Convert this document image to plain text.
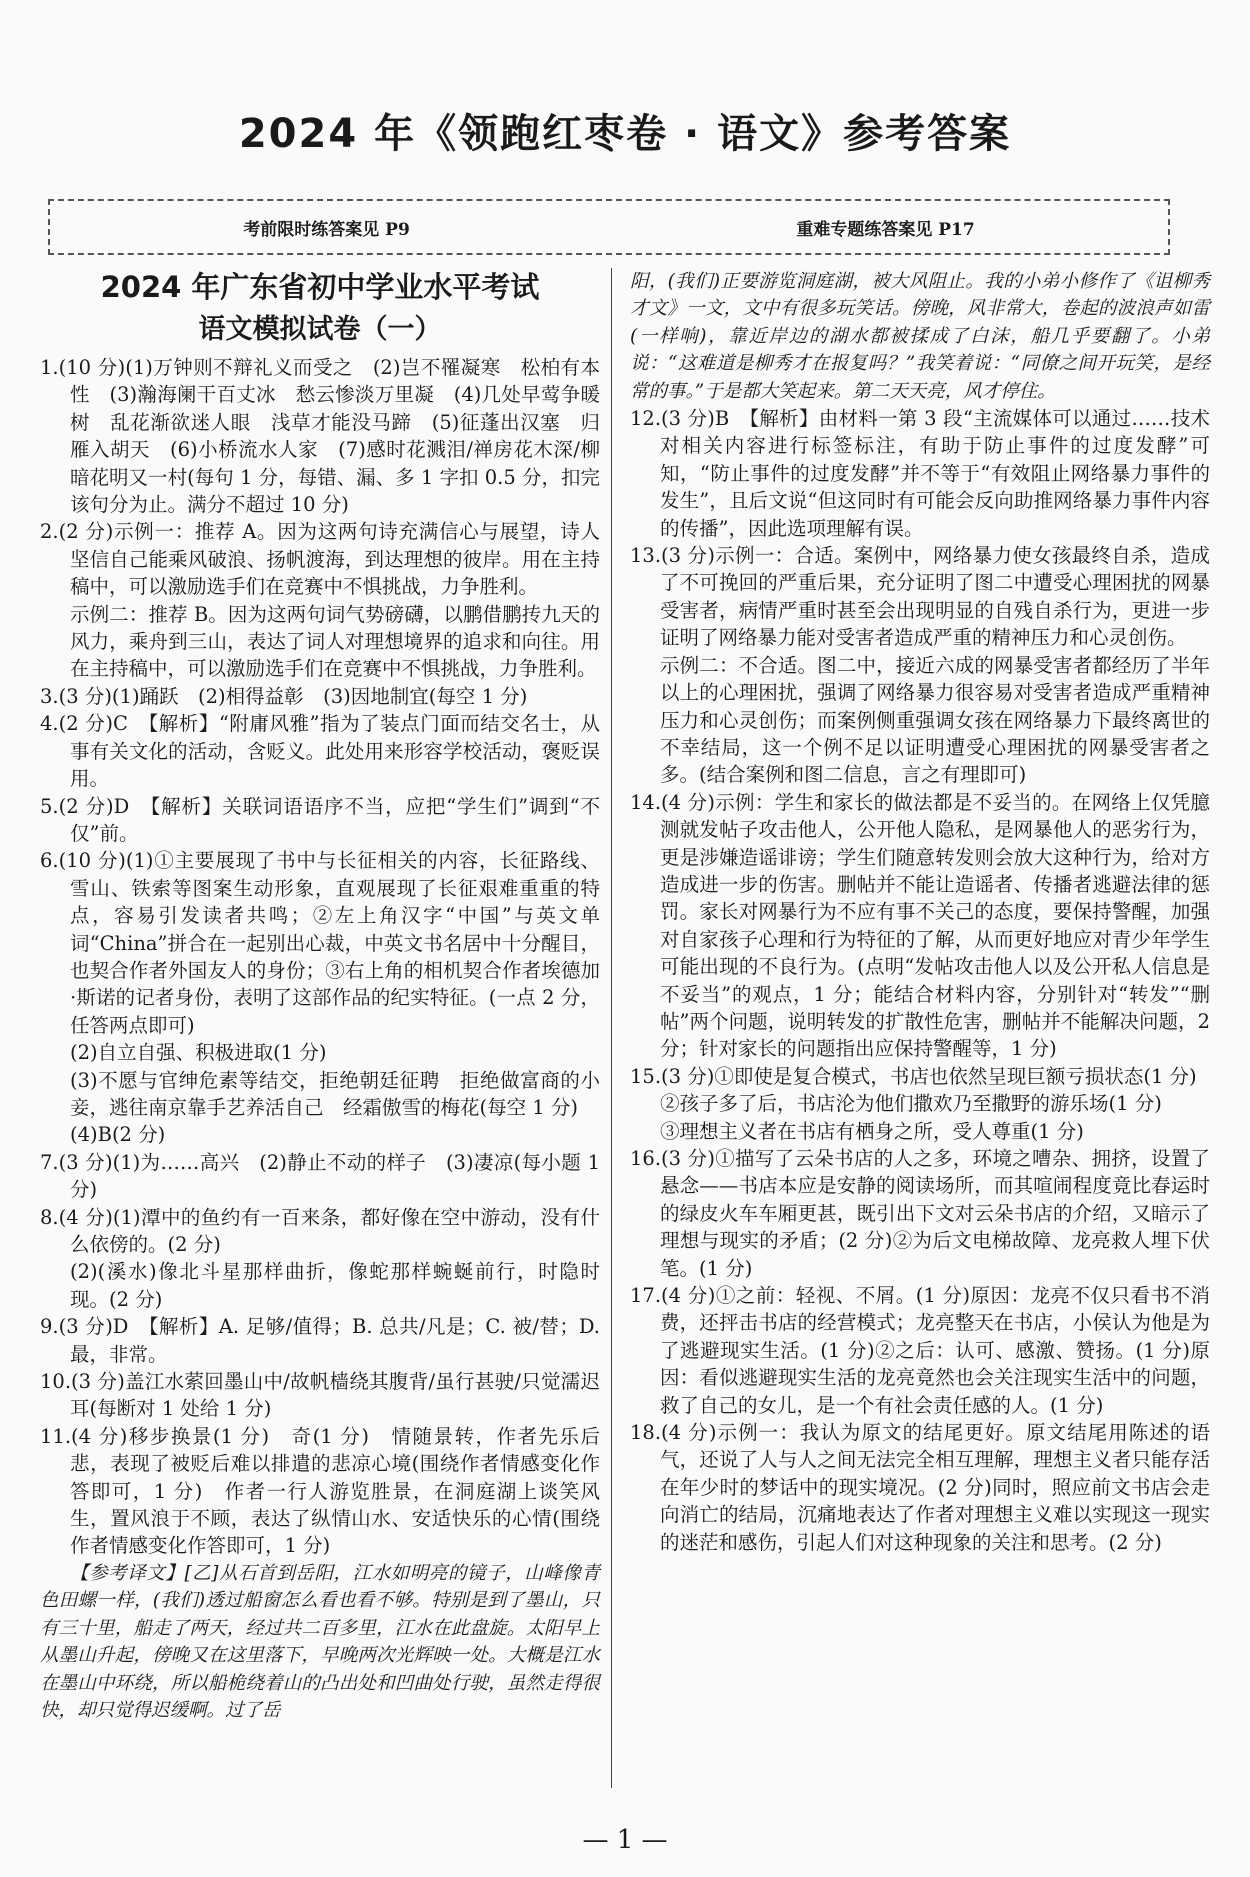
2024 年《领跑红枣卷 · 语文》参考答案
考前限时练答案见 P9	重难专题练答案见 P17
2024 年广东省初中学业水平考试
语文模拟试卷（一）

1.(10 分)(1)万钟则不辩礼义而受之　(2)岂不罹凝寒　松柏有本性　(3)瀚海阑干百丈冰　愁云惨淡万里凝　(4)几处早莺争暖树　乱花渐欲迷人眼　浅草才能没马蹄　(5)征蓬出汉塞　归雁入胡天　(6)小桥流水人家　(7)感时花溅泪/禅房花木深/柳暗花明又一村(每句 1 分，每错、漏、多 1 字扣 0.5 分，扣完该句分为止。满分不超过 10 分)

2.(2 分)示例一：推荐 A。因为这两句诗充满信心与展望，诗人坚信自己能乘风破浪、扬帆渡海，到达理想的彼岸。用在主持稿中，可以激励选手们在竞赛中不惧挑战，力争胜利。

示例二：推荐 B。因为这两句词气势磅礴，以鹏借鹏抟九天的风力，乘舟到三山，表达了词人对理想境界的追求和向往。用在主持稿中，可以激励选手们在竞赛中不惧挑战，力争胜利。

3.(3 分)(1)踊跃　(2)相得益彰　(3)因地制宜(每空 1 分)

4.(2 分)C　【解析】“附庸风雅”指为了装点门面而结交名士，从事有关文化的活动，含贬义。此处用来形容学校活动，褒贬误用。

5.(2 分)D　【解析】关联词语语序不当，应把“学生们”调到“不仅”前。

6.(10 分)(1)①主要展现了书中与长征相关的内容，长征路线、雪山、铁索等图案生动形象，直观展现了长征艰难重重的特点，容易引发读者共鸣；②左上角汉字“中国”与英文单词“China”拼合在一起别出心裁，中英文书名居中十分醒目，也契合作者外国友人的身份；③右上角的相机契合作者埃德加·斯诺的记者身份，表明了这部作品的纪实特征。(一点 2 分，任答两点即可)

(2)自立自强、积极进取(1 分)

(3)不愿与官绅危素等结交，拒绝朝廷征聘　拒绝做富商的小妾，逃往南京靠手艺养活自己　经霜傲雪的梅花(每空 1 分)

(4)B(2 分)

7.(3 分)(1)为……高兴　(2)静止不动的样子　(3)凄凉(每小题 1 分)

8.(4 分)(1)潭中的鱼约有一百来条，都好像在空中游动，没有什么依傍的。(2 分)

(2)(溪水)像北斗星那样曲折，像蛇那样蜿蜒前行，时隐时现。(2 分)

9.(3 分)D　【解析】A. 足够/值得；B. 总共/凡是；C. 被/替；D. 最，非常。

10.(3 分)盖江水萦回墨山中/故帆樯绕其腹背/虽行甚驶/只觉濡迟耳(每断对 1 处给 1 分)

11.(4 分)移步换景(1 分)　奇(1 分)　情随景转，作者先乐后悲，表现了被贬后难以排遣的悲凉心境(围绕作者情感变化作答即可，1 分)　作者一行人游览胜景，在洞庭湖上谈笑风生，置风浪于不顾，表达了纵情山水、安适快乐的心情(围绕作者情感变化作答即可，1 分)

【参考译文】[乙]从石首到岳阳，江水如明亮的镜子，山峰像青色田螺一样，(我们)透过船窗怎么看也看不够。特别是到了墨山，只有三十里，船走了两天，经过共二百多里，江水在此盘旋。太阳早上从墨山升起，傍晚又在这里落下，早晚两次光辉映一处。大概是江水在墨山中环绕，所以船桅绕着山的凸出处和凹曲处行驶，虽然走得很快，却只觉得迟缓啊。过了岳

阳，(我们)正要游览洞庭湖，被大风阻止。我的小弟小修作了《诅柳秀才文》一文，文中有很多玩笑话。傍晚，风非常大，卷起的波浪声如雷(一样响)，靠近岸边的湖水都被揉成了白沫，船几乎要翻了。小弟说：“这难道是柳秀才在报复吗？”我笑着说：“同僚之间开玩笑，是经常的事。”于是都大笑起来。第二天天亮，风才停住。

12.(3 分)B　【解析】由材料一第 3 段“主流媒体可以通过……技术对相关内容进行标签标注，有助于防止事件的过度发酵”可知，“防止事件的过度发酵”并不等于“有效阻止网络暴力事件的发生”，且后文说“但这同时有可能会反向助推网络暴力事件内容的传播”，因此选项理解有误。

13.(3 分)示例一：合适。案例中，网络暴力使女孩最终自杀，造成了不可挽回的严重后果，充分证明了图二中遭受心理困扰的网暴受害者，病情严重时甚至会出现明显的自残自杀行为，更进一步证明了网络暴力能对受害者造成严重的精神压力和心灵创伤。

示例二：不合适。图二中，接近六成的网暴受害者都经历了半年以上的心理困扰，强调了网络暴力很容易对受害者造成严重精神压力和心灵创伤；而案例侧重强调女孩在网络暴力下最终离世的不幸结局，这一个例不足以证明遭受心理困扰的网暴受害者之多。(结合案例和图二信息，言之有理即可)

14.(4 分)示例：学生和家长的做法都是不妥当的。在网络上仅凭臆测就发帖子攻击他人，公开他人隐私，是网暴他人的恶劣行为，更是涉嫌造谣诽谤；学生们随意转发则会放大这种行为，给对方造成进一步的伤害。删帖并不能让造谣者、传播者逃避法律的惩罚。家长对网暴行为不应有事不关己的态度，要保持警醒，加强对自家孩子心理和行为特征的了解，从而更好地应对青少年学生可能出现的不良行为。(点明“发帖攻击他人以及公开私人信息是不妥当”的观点，1 分；能结合材料内容，分别针对“转发”“删帖”两个问题，说明转发的扩散性危害，删帖并不能解决问题，2 分；针对家长的问题指出应保持警醒等，1 分)

15.(3 分)①即使是复合模式，书店也依然呈现巨额亏损状态(1 分)

②孩子多了后，书店沦为他们撒欢乃至撒野的游乐场(1 分)

③理想主义者在书店有栖身之所，受人尊重(1 分)

16.(3 分)①描写了云朵书店的人之多，环境之嘈杂、拥挤，设置了悬念——书店本应是安静的阅读场所，而其喧闹程度竟比春运时的绿皮火车车厢更甚，既引出下文对云朵书店的介绍，又暗示了理想与现实的矛盾；(2 分)②为后文电梯故障、龙亮救人埋下伏笔。(1 分)

17.(4 分)①之前：轻视、不屑。(1 分)原因：龙亮不仅只看书不消费，还抨击书店的经营模式；龙亮整天在书店，小侯认为他是为了逃避现实生活。(1 分)②之后：认可、感激、赞扬。(1 分)原因：看似逃避现实生活的龙亮竟然也会关注现实生活中的问题，救了自己的女儿，是一个有社会责任感的人。(1 分)

18.(4 分)示例一：我认为原文的结尾更好。原文结尾用陈述的语气，还说了人与人之间无法完全相互理解，理想主义者只能存活在年少时的梦话中的现实境况。(2 分)同时，照应前文书店会走向消亡的结局，沉痛地表达了作者对理想主义难以实现这一现实的迷茫和感伤，引起人们对这种现象的关注和思考。(2 分)

— 1 —
